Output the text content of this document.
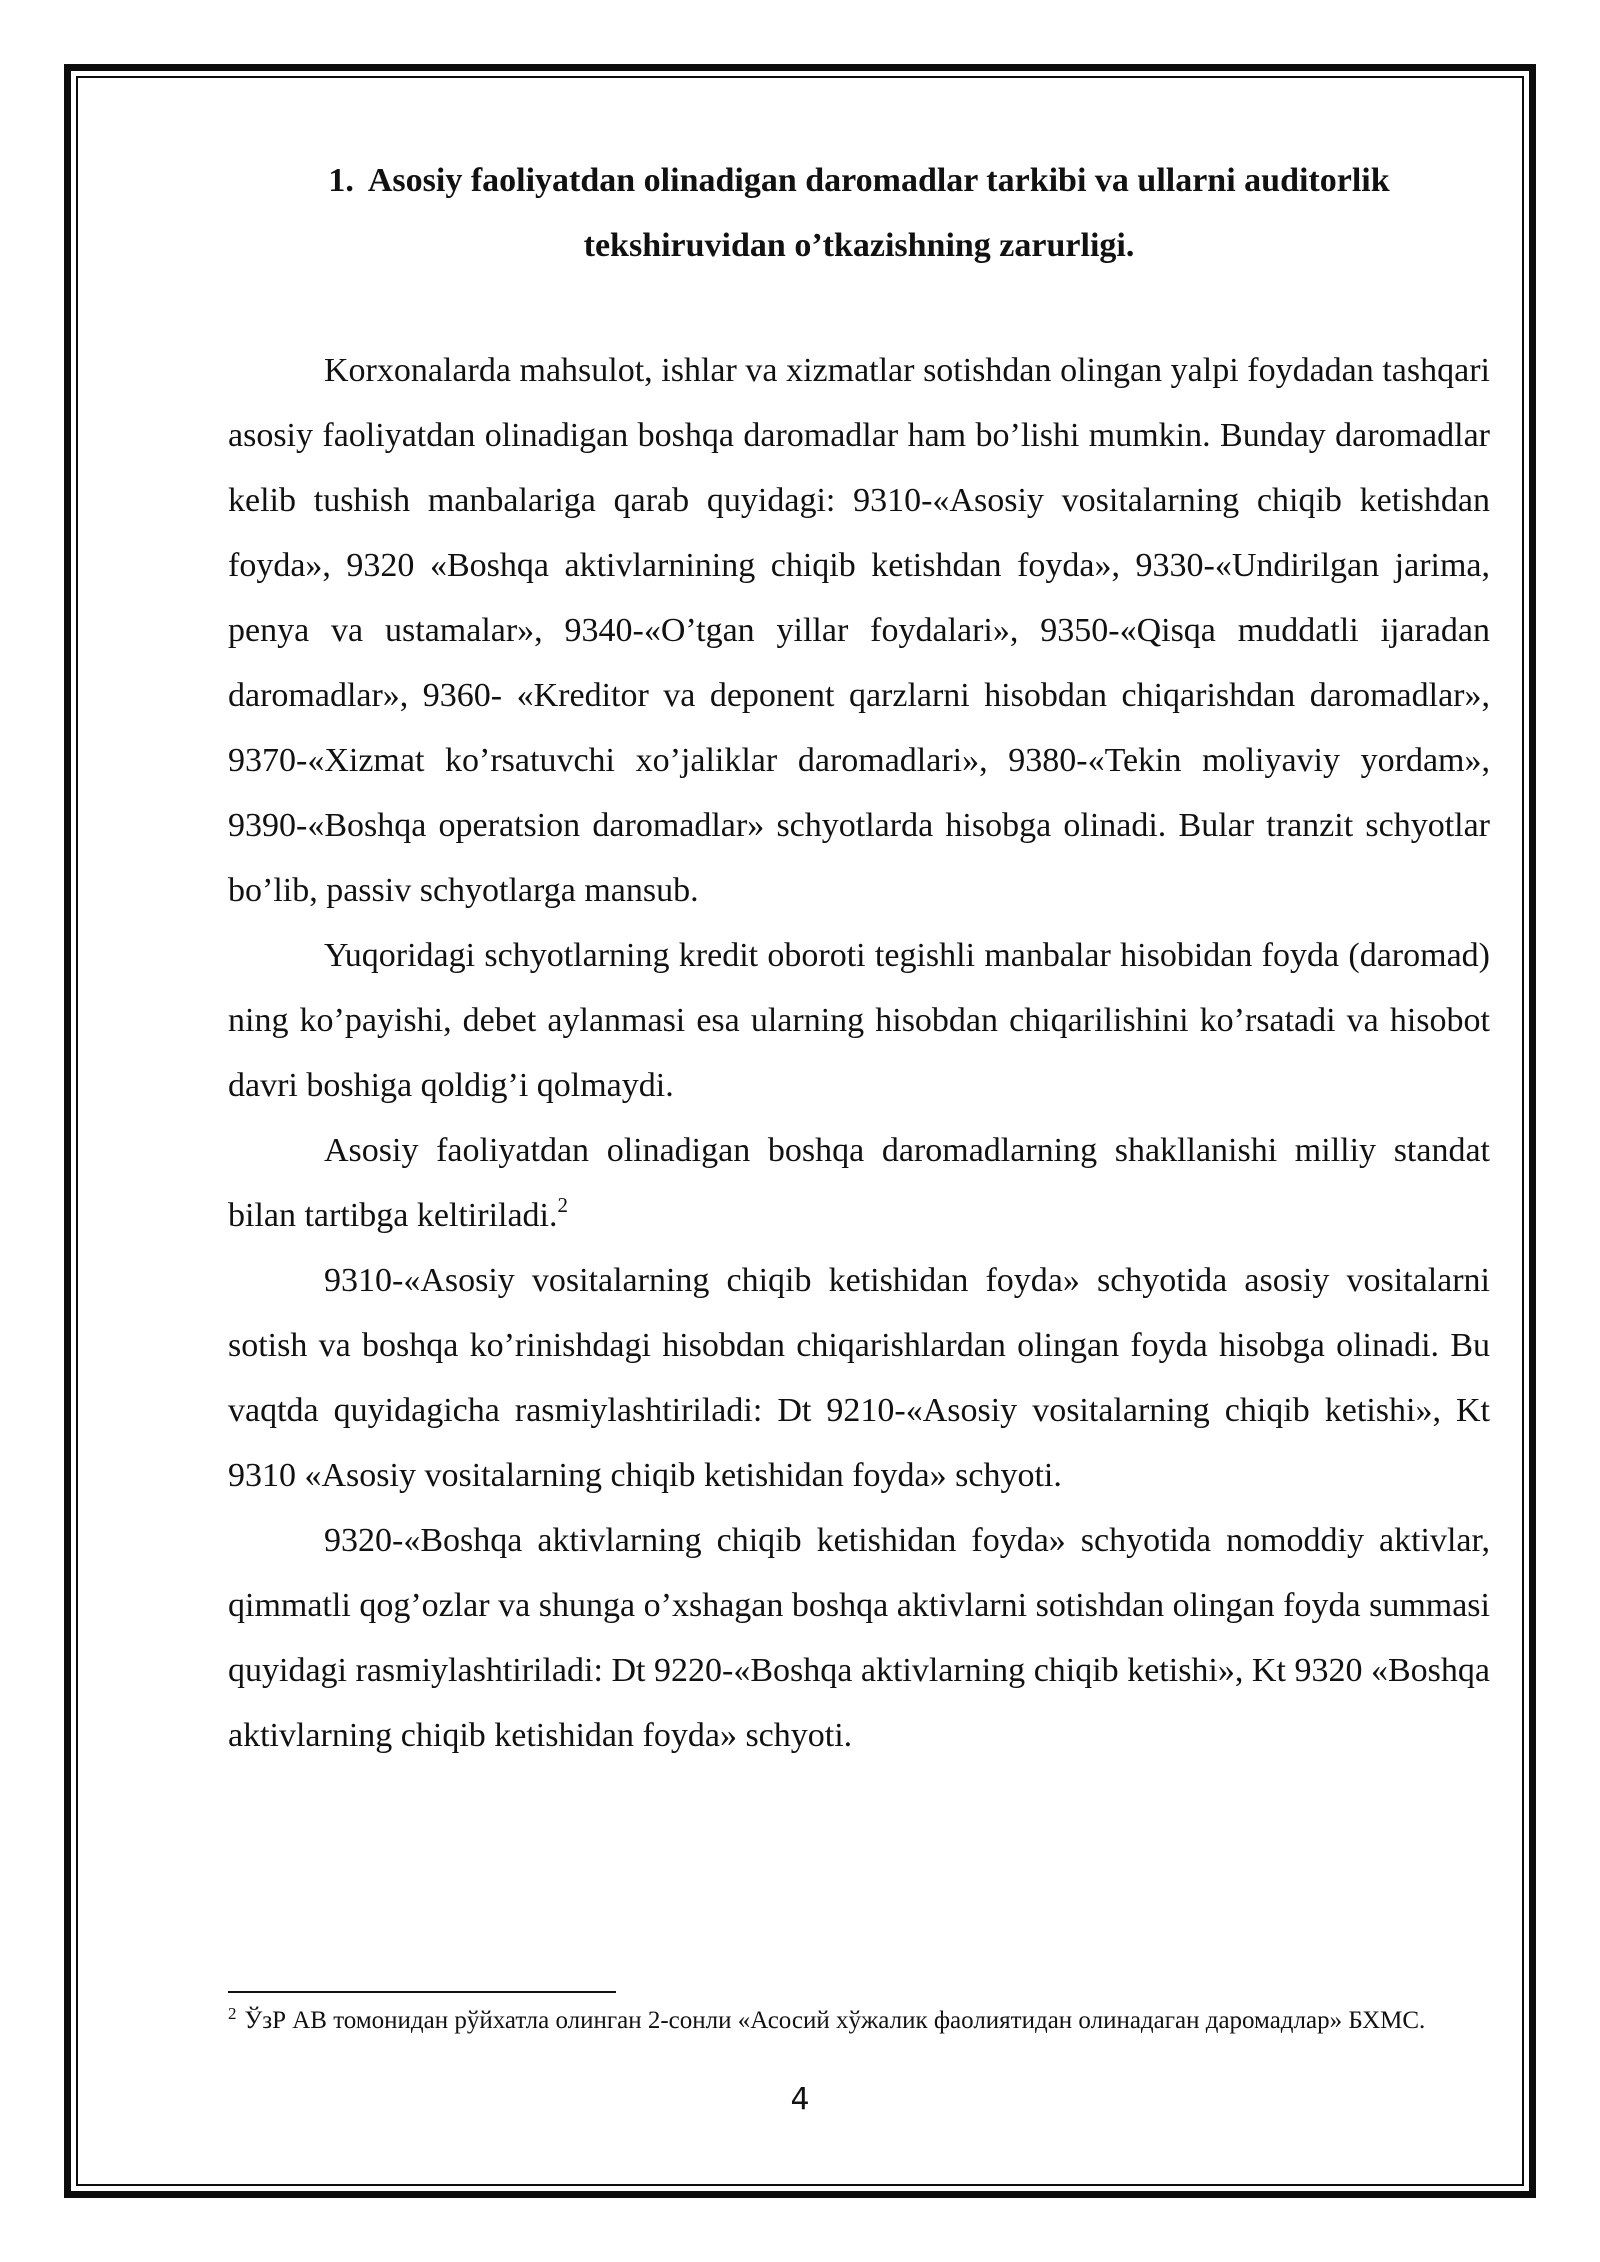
1. Asosiy faoliyatdan olinadigan daromadlar tarkibi va ullarni auditorlik tekshiruvidan o’tkazishning zarurligi.

Korxonalarda mahsulot, ishlar va xizmatlar sotishdan olingan yalpi foydadan tashqari asosiy faoliyatdan olinadigan boshqa daromadlar ham bo’lishi mumkin. Bunday daromadlar kelib tushish manbalariga qarab quyidagi: 9310-«Asosiy vositalarning chiqib ketishdan foyda», 9320 «Boshqa aktivlarnining chiqib ketishdan foyda», 9330-«Undirilgan jarima, penya va ustamalar», 9340-«O’tgan yillar foydalari», 9350-«Qisqa muddatli ijaradan daromadlar», 9360- «Kreditor va deponent qarzlarni hisobdan chiqarishdan daromadlar», 9370-«Xizmat ko’rsatuvchi xo’jaliklar daromadlari», 9380-«Tekin moliyaviy yordam», 9390-«Boshqa operatsion daromadlar» schyotlarda hisobga olinadi. Bular tranzit schyotlar bo’lib, passiv schyotlarga mansub.

Yuqoridagi schyotlarning kredit oboroti tegishli manbalar hisobidan foyda (daromad) ning ko’payishi, debet aylanmasi esa ularning hisobdan chiqarilishini ko’rsatadi va hisobot davri boshiga qoldig’i qolmaydi.

Asosiy faoliyatdan olinadigan boshqa daromadlarning shakllanishi milliy standat bilan tartibga keltiriladi.$^2$

9310-«Asosiy vositalarning chiqib ketishidan foyda» schyotida asosiy vositalarni sotish va boshqa ko’rinishdagi hisobdan chiqarishlardan olingan foyda hisobga olinadi. Bu vaqtda quyidagicha rasmiylashtiriladi: Dt 9210-«Asosiy vositalarning chiqib ketishi», Kt 9310 «Asosiy vositalarning chiqib ketishidan foyda» schyoti.

9320-«Boshqa aktivlarning chiqib ketishidan foyda» schyotida nomoddiy aktivlar, qimmatli qog’ozlar va shunga o’xshagan boshqa aktivlarni sotishdan olingan foyda summasi quyidagi rasmiylashtiriladi: Dt 9220-«Boshqa aktivlarning chiqib ketishi», Kt 9320 «Boshqa aktivlarning chiqib ketishidan foyda» schyoti.

$^2$ ЎзР АВ томонидан рўйхатла олинган 2-сонли «Асосий хўжалик фаолиятидан олинадаган даромадлар» БХМС.
4
